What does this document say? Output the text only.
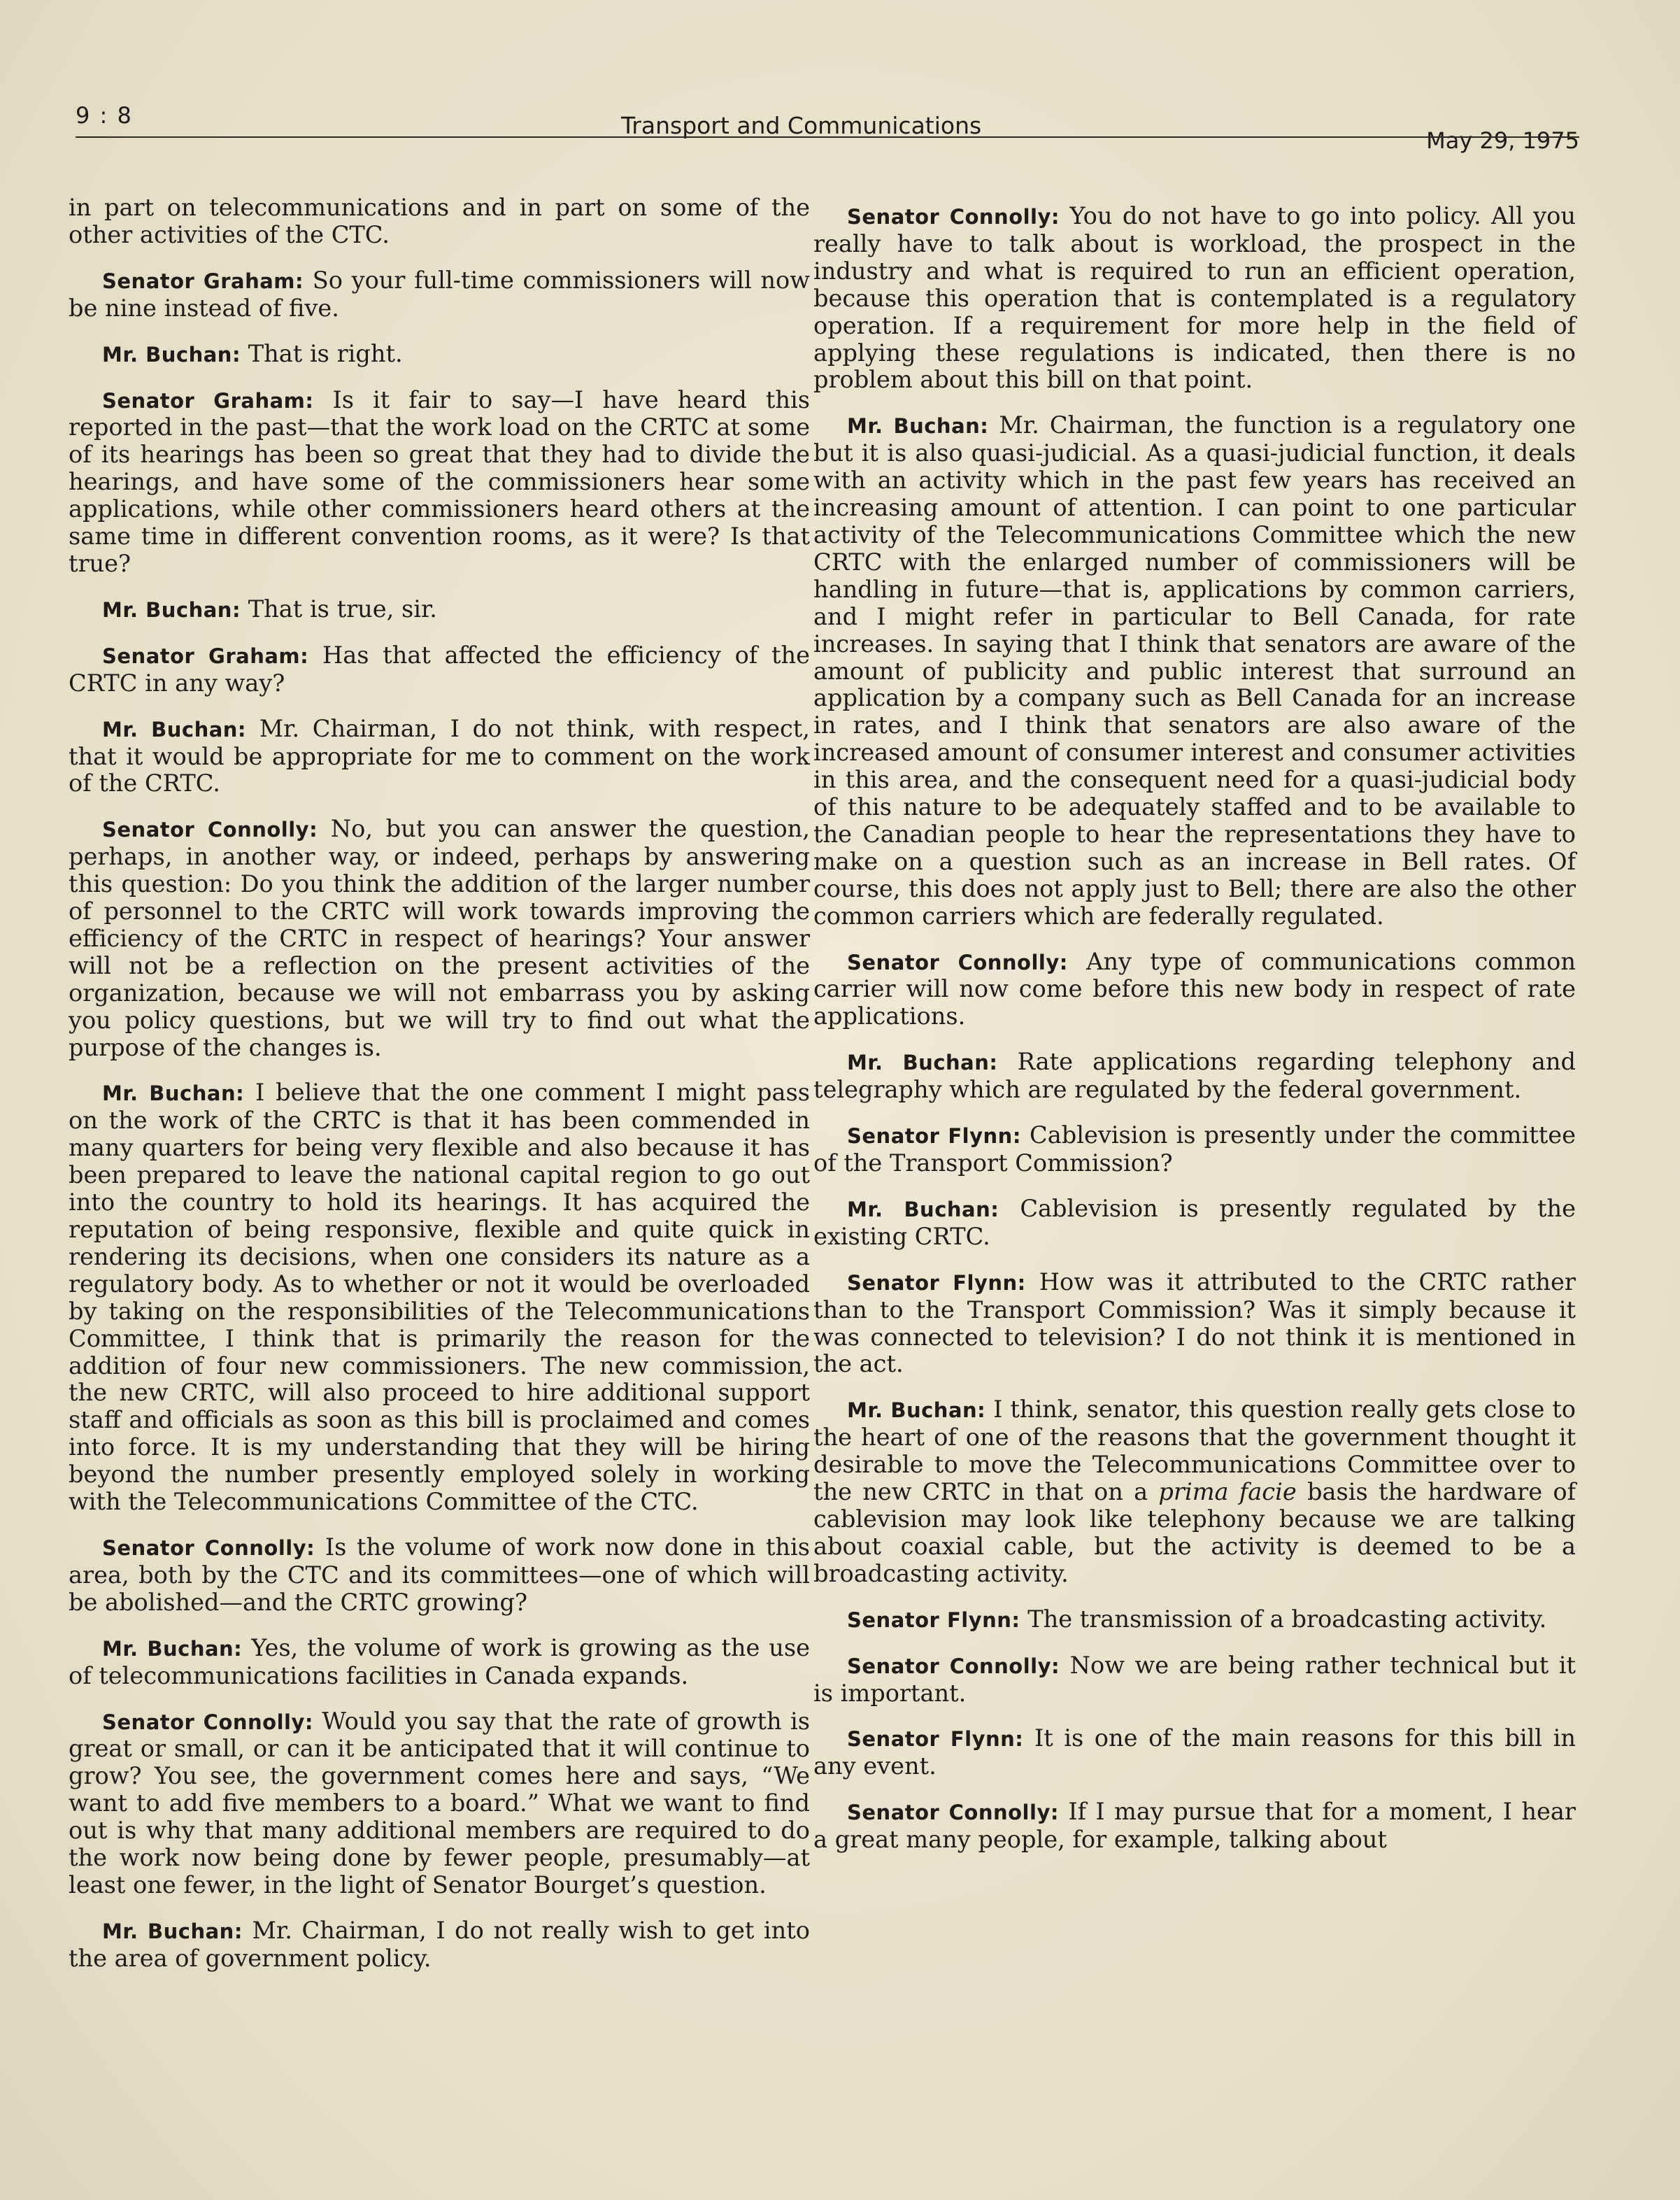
9 : 8	Transport and Communications
May 29, 1975

in part on telecommunications and in part on some of the other activities of the CTC.

Senator Graham: So your full-time commissioners will now be nine instead of five.

Mr. Buchan: That is right.

Senator Graham: Is it fair to say—I have heard this reported in the past—that the work load on the CRTC at some of its hearings has been so great that they had to divide the hearings, and have some of the commissioners hear some applications, while other commissioners heard others at the same time in different convention rooms, as it were? Is that true?

Mr. Buchan: That is true, sir.

Senator Graham: Has that affected the efficiency of the CRTC in any way?

Mr. Buchan: Mr. Chairman, I do not think, with respect, that it would be appropriate for me to comment on the work of the CRTC.

Senator Connolly: No, but you can answer the question, perhaps, in another way, or indeed, perhaps by answering this question: Do you think the addition of the larger number of personnel to the CRTC will work towards improving the efficiency of the CRTC in respect of hearings? Your answer will not be a reflection on the present activities of the organization, because we will not embarrass you by asking you policy questions, but we will try to find out what the purpose of the changes is.

Mr. Buchan: I believe that the one comment I might pass on the work of the CRTC is that it has been commended in many quarters for being very flexible and also because it has been prepared to leave the national capital region to go out into the country to hold its hearings. It has acquired the reputation of being responsive, flexible and quite quick in rendering its decisions, when one considers its nature as a regulatory body. As to whether or not it would be overloaded by taking on the responsibilities of the Telecommunications Committee, I think that is primarily the reason for the addition of four new commissioners. The new commission, the new CRTC, will also proceed to hire additional support staff and officials as soon as this bill is proclaimed and comes into force. It is my understanding that they will be hiring beyond the number presently employed solely in working with the Telecommunications Committee of the CTC.

Senator Connolly: Is the volume of work now done in this area, both by the CTC and its committees—one of which will be abolished—and the CRTC growing?

Mr. Buchan: Yes, the volume of work is growing as the use of telecommunications facilities in Canada expands.

Senator Connolly: Would you say that the rate of growth is great or small, or can it be anticipated that it will continue to grow? You see, the government comes here and says, “We want to add five members to a board.” What we want to find out is why that many additional members are required to do the work now being done by fewer people, presumably—at least one fewer, in the light of Senator Bourget’s question.

Mr. Buchan: Mr. Chairman, I do not really wish to get into the area of government policy.

Senator Connolly: You do not have to go into policy. All you really have to talk about is workload, the prospect in the industry and what is required to run an efficient operation, because this operation that is contemplated is a regulatory operation. If a requirement for more help in the field of applying these regulations is indicated, then there is no problem about this bill on that point.

Mr. Buchan: Mr. Chairman, the function is a regulatory one but it is also quasi-judicial. As a quasi-judicial function, it deals with an activity which in the past few years has received an increasing amount of attention. I can point to one particular activity of the Telecommunications Committee which the new CRTC with the enlarged number of commissioners will be handling in future—that is, applications by common carriers, and I might refer in particular to Bell Canada, for rate increases. In saying that I think that senators are aware of the amount of publicity and public interest that surround an application by a company such as Bell Canada for an increase in rates, and I think that senators are also aware of the increased amount of consumer interest and consumer activities in this area, and the consequent need for a quasi-judicial body of this nature to be adequately staffed and to be available to the Canadian people to hear the representations they have to make on a question such as an increase in Bell rates. Of course, this does not apply just to Bell; there are also the other common carriers which are federally regulated.

Senator Connolly: Any type of communications common carrier will now come before this new body in respect of rate applications.

Mr. Buchan: Rate applications regarding telephony and telegraphy which are regulated by the federal government.

Senator Flynn: Cablevision is presently under the committee of the Transport Commission?

Mr. Buchan: Cablevision is presently regulated by the existing CRTC.

Senator Flynn: How was it attributed to the CRTC rather than to the Transport Commission? Was it simply because it was connected to television? I do not think it is mentioned in the act.

Mr. Buchan: I think, senator, this question really gets close to the heart of one of the reasons that the government thought it desirable to move the Telecommunications Committee over to the new CRTC in that on a prima facie basis the hardware of cablevision may look like telephony because we are talking about coaxial cable, but the activity is deemed to be a broadcasting activity.

Senator Flynn: The transmission of a broadcasting activity.

Senator Connolly: Now we are being rather technical but it is important.

Senator Flynn: It is one of the main reasons for this bill in any event.

Senator Connolly: If I may pursue that for a moment, I hear a great many people, for example, talking about
